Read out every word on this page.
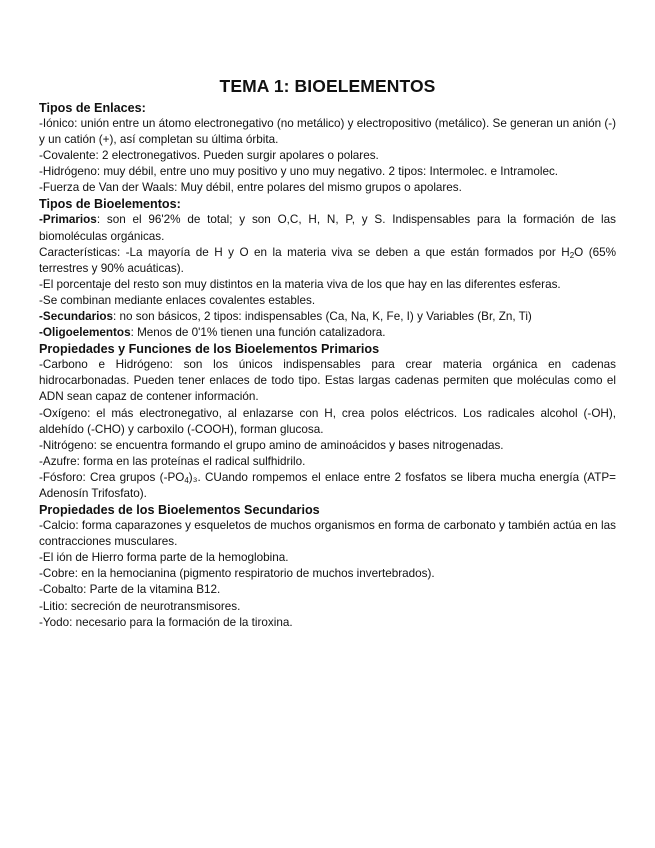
TEMA 1: BIOELEMENTOS
Tipos de Enlaces:

-Iónico: unión entre un átomo electronegativo (no metálico) y electropositivo (metálico). Se generan un anión (-) y un catión (+), así completan su última órbita.

-Covalente: 2 electronegativos. Pueden surgir apolares o polares.

-Hidrógeno: muy débil, entre uno muy positivo y uno muy negativo. 2 tipos: Intermolec. e Intramolec.

-Fuerza de Van der Waals: Muy débil, entre polares del mismo grupos o apolares.

Tipos de Bioelementos:

-Primarios: son el 96'2% de total; y son O,C, H, N, P, y S. Indispensables para la formación de las biomoléculas orgánicas.

Características: -La mayoría de H y O en la materia viva se deben a que están formados por $H_2O$ (65% terrestres y 90% acuáticas).

-El porcentaje del resto son muy distintos en la materia viva de los que hay en las diferentes esferas.

-Se combinan mediante enlaces covalentes estables.

-Secundarios: no son básicos, 2 tipos: indispensables (Ca, Na, K, Fe, I) y Variables (Br, Zn, Ti)

-Oligoelementos: Menos de 0'1% tienen una función catalizadora.

Propiedades y Funciones de los Bioelementos Primarios

-Carbono e Hidrógeno: son los únicos indispensables para crear materia orgánica en cadenas hidrocarbonadas. Pueden tener enlaces de todo tipo. Estas largas cadenas permiten que moléculas como el ADN sean capaz de contener información.

-Oxígeno: el más electronegativo, al enlazarse con H, crea polos eléctricos. Los radicales alcohol (-OH), aldehído (-CHO) y carboxilo (-COOH), forman glucosa.

-Nitrógeno: se encuentra formando el grupo amino de aminoácidos y bases nitrogenadas.

-Azufre: forma en las proteínas el radical sulfhidrilo.

-Fósforo: Crea grupos $(-PO_4)_3$. CUando rompemos el enlace entre 2 fosfatos se libera mucha energía (ATP= Adenosín Trifosfato).

Propiedades de los Bioelementos Secundarios

-Calcio: forma caparazones y esqueletos de muchos organismos en forma de carbonato y también actúa en las contracciones musculares.

-El ión de Hierro forma parte de la hemoglobina.

-Cobre: en la hemocianina (pigmento respiratorio de muchos invertebrados).

-Cobalto: Parte de la vitamina B12.

-Litio: secreción de neurotransmisores.

-Yodo: necesario para la formación de la tiroxina.
